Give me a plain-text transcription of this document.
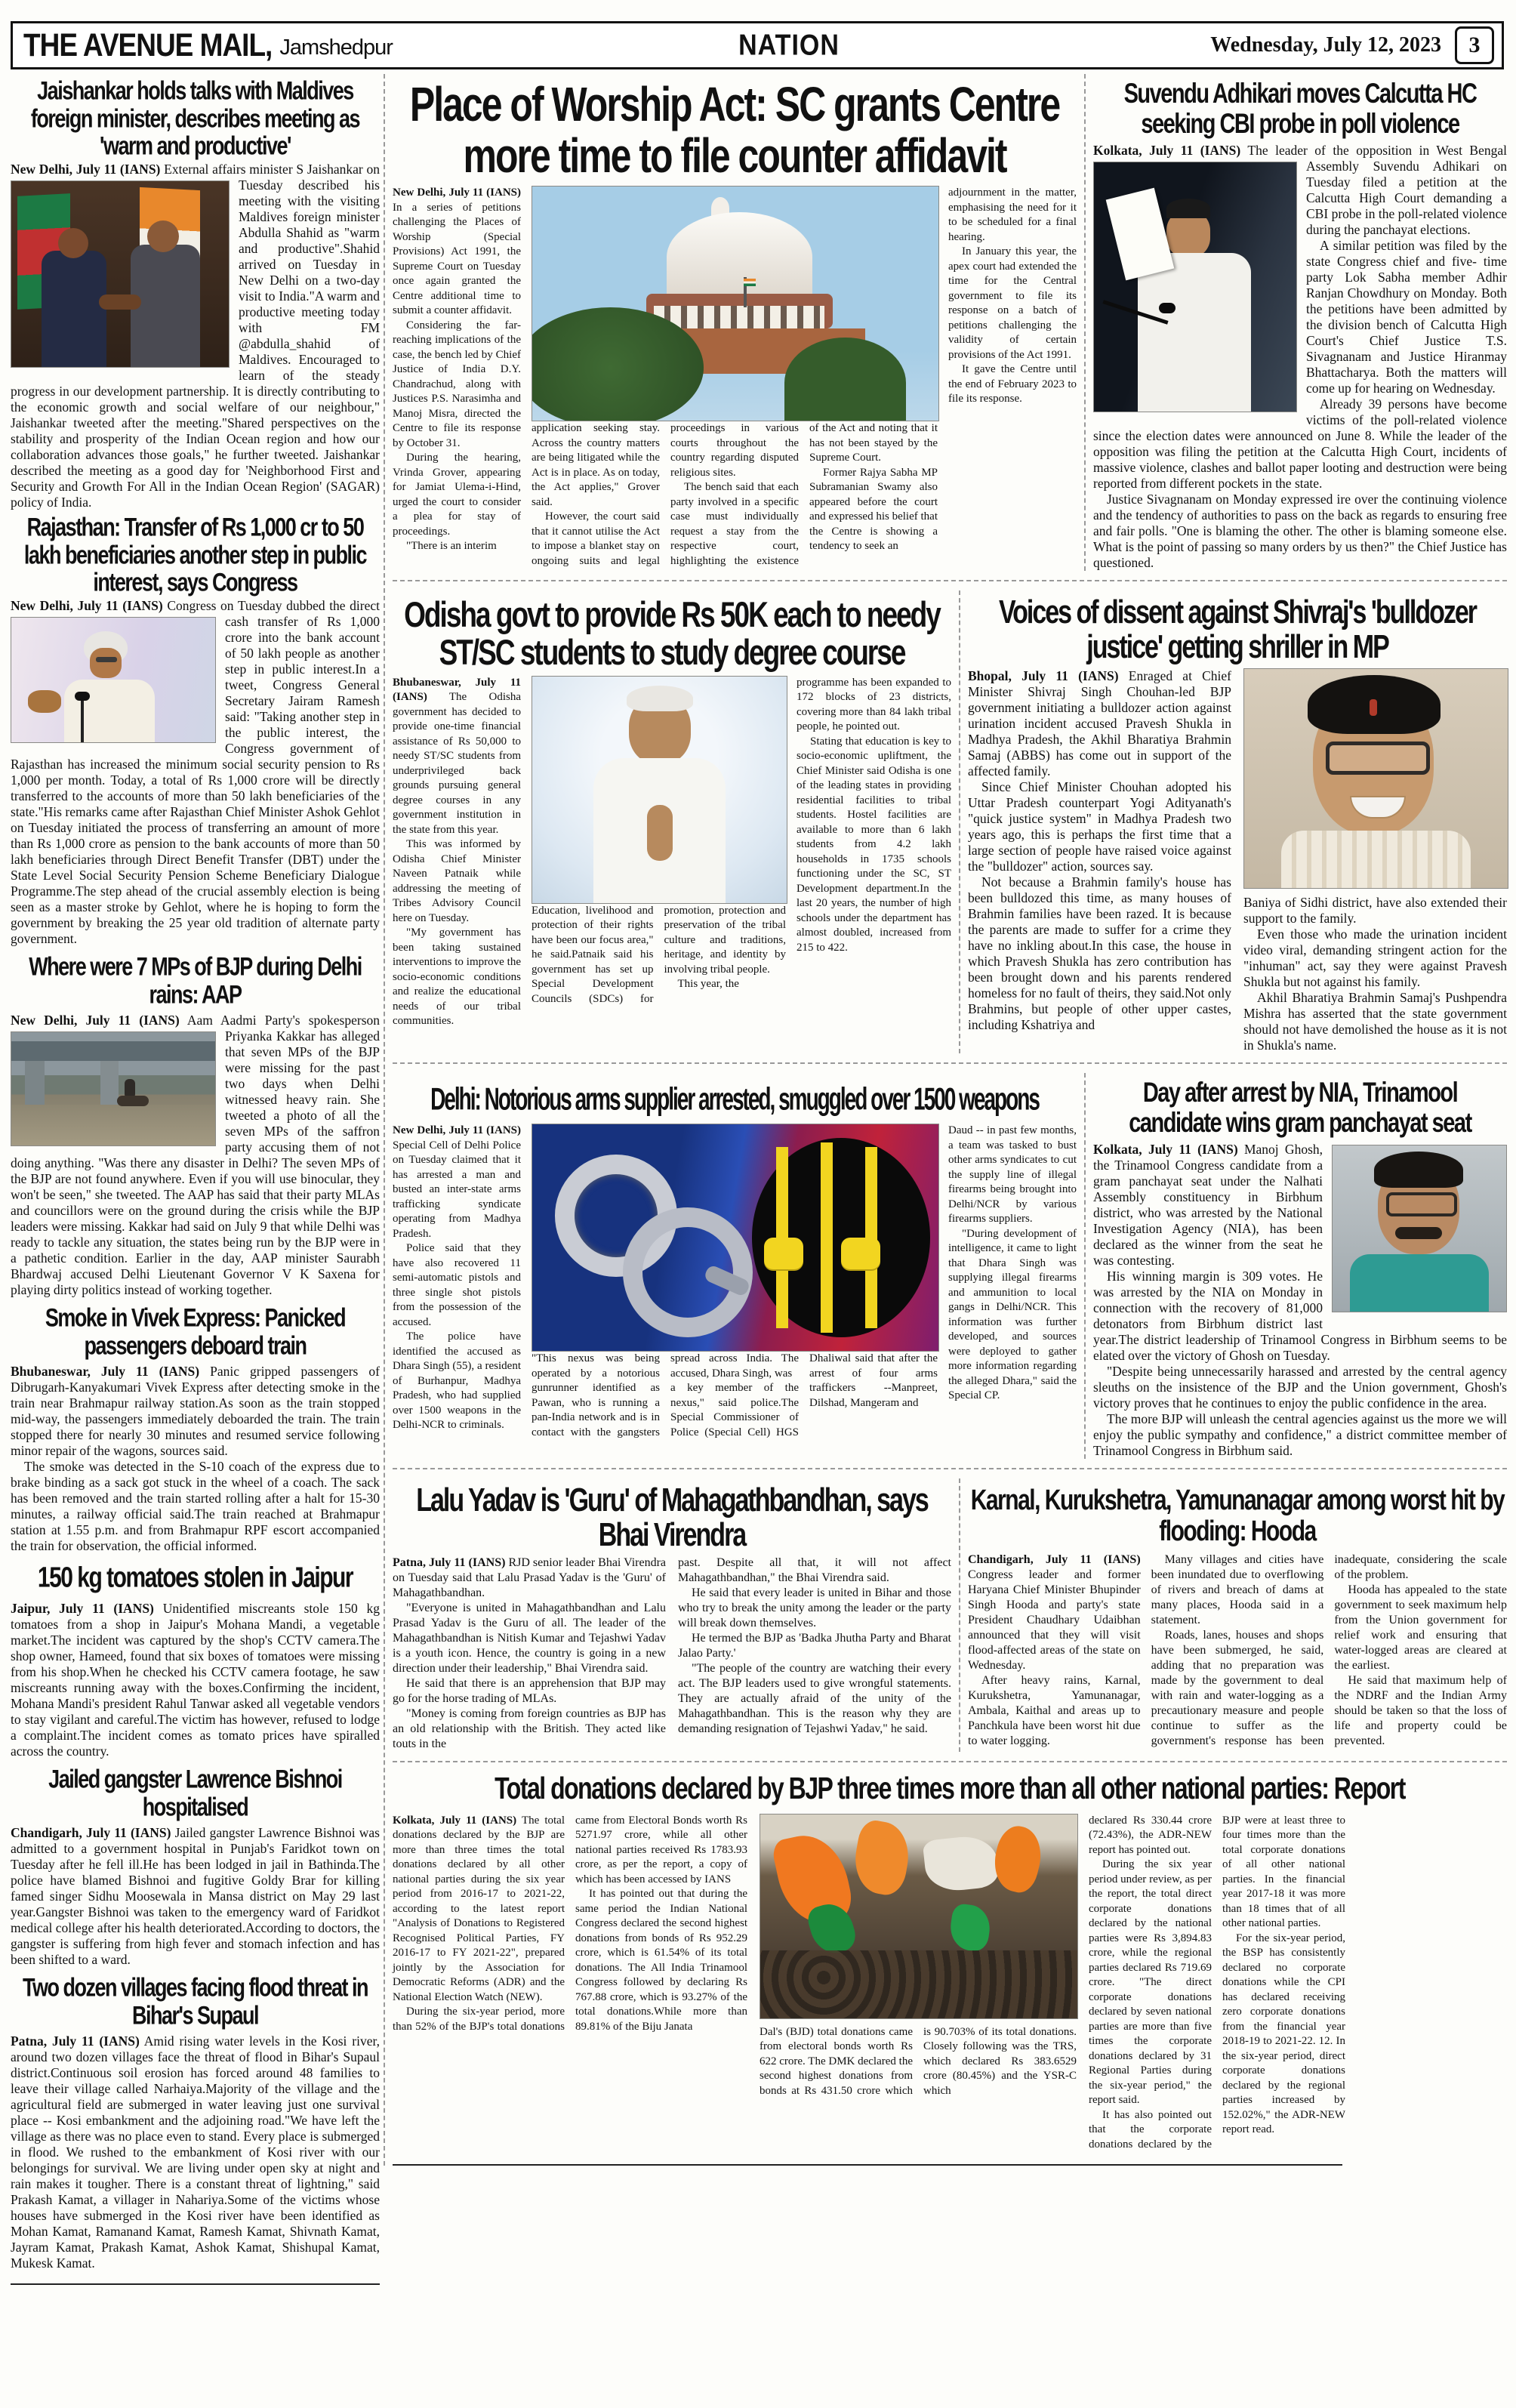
THE AVENUE MAIL, Jamshedpur	NATION	Wednesday, July 12, 2023	3
Jaishankar holds talks with Maldives foreign minister, describes meeting as 'warm and productive'

New Delhi, July 11 (IANS) External affairs minister S Jaishankar on Tuesday described his meeting with the visiting Maldives foreign minister Abdulla Shahid as "warm and productive".Shahid arrived on Tuesday in New Delhi on a two-day visit to India."A warm and productive meeting today with FM @abdulla_shahid of Maldives. Encouraged to learn of the steady progress in our development partnership. It is directly contributing to the economic growth and social welfare of our neighbour," Jaishankar tweeted after the meeting."Shared perspectives on the stability and prosperity of the Indian Ocean region and how our collaboration advances those goals," he further tweeted. Jaishankar described the meeting as a good day for 'Neighborhood First and Security and Growth For All in the Indian Ocean Region' (SAGAR) policy of India.

Rajasthan: Transfer of Rs 1,000 cr to 50 lakh beneficiaries another step in public interest, says Congress

New Delhi, July 11 (IANS) Congress on Tuesday dubbed the direct cash transfer of Rs 1,000 crore into the bank account of 50 lakh people as another step in public interest.In a tweet, Congress General Secretary Jairam Ramesh said: "Taking another step in the public interest, the Congress government of Rajasthan has increased the minimum social security pension to Rs 1,000 per month. Today, a total of Rs 1,000 crore will be directly transferred to the accounts of more than 50 lakh beneficiaries of the state."His remarks came after Rajasthan Chief Minister Ashok Gehlot on Tuesday initiated the process of transferring an amount of more than Rs 1,000 crore as pension to the bank accounts of more than 50 lakh beneficiaries through Direct Benefit Transfer (DBT) under the State Level Social Security Pension Scheme Beneficiary Dialogue Programme.The step ahead of the crucial assembly election is being seen as a master stroke by Gehlot, where he is hoping to form the government by breaking the 25 year old tradition of alternate party government.

Where were 7 MPs of BJP during Delhi rains: AAP

New Delhi, July 11 (IANS) Aam Aadmi Party's spokesperson Priyanka Kakkar has alleged that seven MPs of the BJP were missing for the past two days when Delhi witnessed heavy rain. She tweeted a photo of all the seven MPs of the saffron party accusing them of not doing anything. "Was there any disaster in Delhi? The seven MPs of the BJP are not found anywhere. Even if you will use binocular, they won't be seen," she tweeted. The AAP has said that their party MLAs and councillors were on the ground during the crisis while the BJP leaders were missing. Kakkar had said on July 9 that while Delhi was ready to tackle any situation, the states being run by the BJP were in a pathetic condition. Earlier in the day, AAP minister Saurabh Bhardwaj accused Delhi Lieutenant Governor V K Saxena for playing dirty politics instead of working together.

Smoke in Vivek Express: Panicked passengers deboard train

Bhubaneswar, July 11 (IANS) Panic gripped passengers of Dibrugarh-Kanyakumari Vivek Express after detecting smoke in the train near Brahmapur railway station.As soon as the train stopped mid-way, the passengers immediately deboarded the train. The train stopped there for nearly 30 minutes and resumed service following minor repair of the wagons, sources said.

The smoke was detected in the S-10 coach of the express due to brake binding as a sack got stuck in the wheel of a coach. The sack has been removed and the train started rolling after a halt for 15-30 minutes, a railway official said.The train reached at Brahmapur station at 1.55 p.m. and from Brahmapur RPF escort accompanied the train for observation, the official informed.

150 kg tomatoes stolen in Jaipur

Jaipur, July 11 (IANS) Unidentified miscreants stole 150 kg tomatoes from a shop in Jaipur's Mohana Mandi, a vegetable market.The incident was captured by the shop's CCTV camera.The shop owner, Hameed, found that six boxes of tomatoes were missing from his shop.When he checked his CCTV camera footage, he saw miscreants running away with the boxes.Confirming the incident, Mohana Mandi's president Rahul Tanwar asked all vegetable vendors to stay vigilant and careful.The victim has however, refused to lodge a complaint.The incident comes as tomato prices have spiralled across the country.

Jailed gangster Lawrence Bishnoi hospitalised

Chandigarh, July 11 (IANS) Jailed gangster Lawrence Bishnoi was admitted to a government hospital in Punjab's Faridkot town on Tuesday after he fell ill.He has been lodged in jail in Bathinda.The police have blamed Bishnoi and fugitive Goldy Brar for killing famed singer Sidhu Moosewala in Mansa district on May 29 last year.Gangster Bishnoi was taken to the emergency ward of Faridkot medical college after his health deteriorated.According to doctors, the gangster is suffering from high fever and stomach infection and has been shifted to a ward.

Two dozen villages facing flood threat in Bihar's Supaul

Patna, July 11 (IANS) Amid rising water levels in the Kosi river, around two dozen villages face the threat of flood in Bihar's Supaul district.Continuous soil erosion has forced around 48 families to leave their village called Narhaiya.Majority of the village and the agricultural field are submerged in water leaving just one survival place -- Kosi embankment and the adjoining road."We have left the village as there was no place even to stand. Every place is submerged in flood. We rushed to the embankment of Kosi river with our belongings for survival. We are living under open sky at night and rain makes it tougher. There is a constant threat of lightning," said Prakash Kamat, a villager in Nahariya.Some of the victims whose houses have submerged in the Kosi river have been identified as Mohan Kamat, Ramanand Kamat, Ramesh Kamat, Shivnath Kamat, Jayram Kamat, Prakash Kamat, Ashok Kamat, Shishupal Kamat, Mukesk Kamat.

Place of Worship Act: SC grants Centre more time to file counter affidavit

New Delhi, July 11 (IANS) In a series of petitions challenging the Places of Worship (Special Provisions) Act 1991, the Supreme Court on Tuesday once again granted the Centre additional time to submit a counter affidavit.

Considering the far-reaching implications of the case, the bench led by Chief Justice of India D.Y. Chandrachud, along with Justices P.S. Narasimha and Manoj Misra, directed the Centre to file its response by October 31.

During the hearing, Vrinda Grover, appearing for Jamiat Ulema-i-Hind, urged the court to consider a plea for stay of proceedings.

"There is an interim

application seeking stay. Across the country matters are being litigated while the Act is in place. As on today, the Act applies," Grover said.

However, the court said that it cannot utilise the Act to impose a blanket stay on ongoing suits and legal proceedings in various courts throughout the country regarding disputed religious sites.

The bench said that each party involved in a specific case must individually request a stay from the respective court, highlighting the existence of the Act and noting that it has not been stayed by the Supreme Court.

Former Rajya Sabha MP Subramanian Swamy also appeared before the court and expressed his belief that the Centre is showing a tendency to seek an

adjournment in the matter, emphasising the need for it to be scheduled for a final hearing.

In January this year, the apex court had extended the time for the Central government to file its response on a batch of petitions challenging the validity of certain provisions of the Act 1991.

It gave the Centre until the end of February 2023 to file its response.

Suvendu Adhikari moves Calcutta HC seeking CBI probe in poll violence

Kolkata, July 11 (IANS) The leader of the opposition in West Bengal Assembly Suvendu Adhikari on Tuesday filed a petition at the Calcutta High Court demanding a CBI probe in the poll-related violence during the panchayat elections.

A similar petition was filed by the state Congress chief and five- time party Lok Sabha member Adhir Ranjan Chowdhury on Monday. Both the petitions have been admitted by the division bench of Calcutta High Court's Chief Justice T.S. Sivagnanam and Justice Hiranmay Bhattacharya. Both the matters will come up for hearing on Wednesday.

Already 39 persons have become victims of the poll-related violence since the election dates were announced on June 8. While the leader of the opposition was filing the petition at the Calcutta High Court, incidents of massive violence, clashes and ballot paper looting and destruction were being reported from different pockets in the state.

Justice Sivagnanam on Monday expressed ire over the continuing violence and the tendency of authorities to pass on the back as regards to ensuring free and fair polls. "One is blaming the other. The other is blaming someone else. What is the point of passing so many orders by us then?" the Chief Justice has questioned.

Odisha govt to provide Rs 50K each to needy ST/SC students to study degree course

Bhubaneswar, July 11 (IANS) The Odisha government has decided to provide one-time financial assistance of Rs 50,000 to needy ST/SC students from underprivileged back grounds pursuing general degree courses in any government institution in the state from this year.

This was informed by Odisha Chief Minister Naveen Patnaik while addressing the meeting of Tribes Advisory Council here on Tuesday.

"My government has been taking sustained interventions to improve the socio-economic conditions and realize the educational needs of our tribal communities.

Education, livelihood and protection of their rights have been our focus area," he said.Patnaik said his government has set up Special Development Councils (SDCs) for promotion, protection and preservation of the tribal culture and traditions, heritage, and identity by involving tribal people.

This year, the

programme has been expanded to 172 blocks of 23 districts, covering more than 84 lakh tribal people, he pointed out.

Stating that education is key to socio-economic upliftment, the Chief Minister said Odisha is one of the leading states in providing residential facilities to tribal students. Hostel facilities are available to more than 6 lakh students from 4.2 lakh households in 1735 schools functioning under the SC, ST Development department.In the last 20 years, the number of high schools under the department has almost doubled, increased from 215 to 422.

Voices of dissent against Shivraj's 'bulldozer justice' getting shriller in MP

Bhopal, July 11 (IANS) Enraged at Chief Minister Shivraj Singh Chouhan-led BJP government initiating a bulldozer action against urination incident accused Pravesh Shukla in Madhya Pradesh, the Akhil Bharatiya Brahmin Samaj (ABBS) has come out in support of the affected family.

Since Chief Minister Chouhan adopted his Uttar Pradesh counterpart Yogi Adityanath's "quick justice system" in Madhya Pradesh two years ago, this is perhaps the first time that a large section of people have raised voice against the "bulldozer" action, sources say.

Not because a Brahmin family's house has been bulldozed this time, as many houses of Brahmin families have been razed. It is because the parents are made to suffer for a crime they have no inkling about.In this case, the house in which Pravesh Shukla has zero contribution has been brought down and his parents rendered homeless for no fault of theirs, they said.Not only Brahmins, but people of other upper castes, including Kshatriya and

Baniya of Sidhi district, have also extended their support to the family.

Even those who made the urination incident video viral, demanding stringent action for the "inhuman" act, say they were against Pravesh Shukla but not against his family.

Akhil Bharatiya Brahmin Samaj's Pushpendra Mishra has asserted that the state government should not have demolished the house as it is not in Shukla's name.

Delhi: Notorious arms supplier arrested, smuggled over 1500 weapons

New Delhi, July 11 (IANS) Special Cell of Delhi Police on Tuesday claimed that it has arrested a man and busted an inter-state arms trafficking syndicate operating from Madhya Pradesh.

Police said that they have also recovered 11 semi-automatic pistols and three single shot pistols from the possession of the accused.

The police have identified the accused as Dhara Singh (55), a resident of Burhanpur, Madhya Pradesh, who had supplied over 1500 weapons in the Delhi-NCR to criminals.

"This nexus was being operated by a notorious gunrunner identified as Pawan, who is running a pan-India network and is in contact with the gangsters spread across India. The accused, Dhara Singh, was

a key member of the nexus," said police.The Special Commissioner of Police (Special Cell) HGS Dhaliwal said that after the arrest of four arms traffickers --Manpreet, Dilshad, Mangeram and

Daud -- in past few months, a team was tasked to bust other arms syndicates to cut the supply line of illegal firearms being brought into Delhi/NCR by various firearms suppliers.

"During development of intelligence, it came to light that Dhara Singh was supplying illegal firearms and ammunition to local gangs in Delhi/NCR. This information was further developed, and sources were deployed to gather more information regarding the alleged Dhara," said the Special CP.

Day after arrest by NIA, Trinamool candidate wins gram panchayat seat

Kolkata, July 11 (IANS) Manoj Ghosh, the Trinamool Congress candidate from a gram panchayat seat under the Nalhati Assembly constituency in Birbhum district, who was arrested by the National Investigation Agency (NIA), has been declared as the winner from the seat he was contesting.

His winning margin is 309 votes. He was arrested by the NIA on Monday in connection with the recovery of 81,000 detonators from Birbhum district last year.The district leadership of Trinamool Congress in Birbhum seems to be elated over the victory of Ghosh on Tuesday.

"Despite being unnecessarily harassed and arrested by the central agency sleuths on the insistence of the BJP and the Union government, Ghosh's victory proves that he continues to enjoy the public confidence in the area.

The more BJP will unleash the central agencies against us the more we will enjoy the public sympathy and confidence," a district committee member of Trinamool Congress in Birbhum said.

Lalu Yadav is 'Guru' of Mahagathbandhan, says Bhai Virendra

Patna, July 11 (IANS) RJD senior leader Bhai Virendra on Tuesday said that Lalu Prasad Yadav is the 'Guru' of Mahagathbandhan.

"Everyone is united in Mahagathbandhan and Lalu Prasad Yadav is the Guru of all. The leader of the Mahagathbandhan is Nitish Kumar and Tejashwi Yadav is a youth icon. Hence, the country is going in a new direction under their leadership," Bhai Virendra said.

He said that there is an apprehension that BJP may go for the horse trading of MLAs.

"Money is coming from foreign countries as BJP has an old relationship with the British. They acted like touts in the

past. Despite all that, it will not affect Mahagathbandhan," the Bhai Virendra said.

He said that every leader is united in Bihar and those who try to break the unity among the leader or the party will break down themselves.

He termed the BJP as 'Badka Jhutha Party and Bharat Jalao Party.'

"The people of the country are watching their every act. The BJP leaders used to give wrongful statements. They are actually afraid of the unity of the Mahagathbandhan. This is the reason why they are demanding resignation of Tejashwi Yadav," he said.

Karnal, Kurukshetra, Yamunanagar among worst hit by flooding: Hooda

Chandigarh, July 11 (IANS) Congress leader and former Haryana Chief Minister Bhupinder Singh Hooda and party's state President Chaudhary Udaibhan announced that they will visit flood-affected areas of the state on Wednesday.

After heavy rains, Karnal, Kurukshetra, Yamunanagar, Ambala, Kaithal and areas up to Panchkula have been worst hit due to water logging.

Many villages and cities have been inundated due to overflowing of rivers and breach of dams at many places, Hooda said in a statement.

Roads, lanes, houses and shops have been submerged, he said, adding that no preparation was made by the government to deal with rain and water-logging as a precautionary measure and people continue to suffer as the government's response has been inadequate, considering the scale of the problem.

Hooda has appealed to the state government to seek maximum help from the Union government for relief work and ensuring that water-logged areas are cleared at the earliest.

He said that maximum help of the NDRF and the Indian Army should be taken so that the loss of life and property could be prevented.

Total donations declared by BJP three times more than all other national parties: Report

Kolkata, July 11 (IANS) The total donations declared by the BJP are more than three times the total donations declared by all other national parties during the six year period from 2016-17 to 2021-22, according to the latest report "Analysis of Donations to Registered Recognised Political Parties, FY 2016-17 to FY 2021-22", prepared jointly by the Association for Democratic Reforms (ADR) and the National Election Watch (NEW).

During the six-year period, more than 52% of the BJP's total donations came from Electoral Bonds worth Rs 5271.97 crore, while all other national parties received Rs 1783.93 crore, as per the report, a copy of which has been accessed by IANS

It has pointed out that during the same period the Indian National Congress declared the second highest donations from bonds of Rs 952.29 crore, which is 61.54% of its total donations. The All India Trinamool Congress followed by declaring Rs 767.88 crore, which is 93.27% of the total donations.While more than 89.81% of the Biju Janata	Dal's (BJD) total donations came from electoral bonds worth Rs 622 crore. The DMK declared the second highest donations from bonds at Rs 431.50 crore which is 90.703% of its total donations. Closely following was the TRS, which declared Rs 383.6529 crore (80.45%) and the YSR-C which

declared Rs 330.44 crore (72.43%), the ADR-NEW report has pointed out.

During the six year period under review, as per the report, the total direct corporate donations declared by the national parties were Rs 3,894.83 crore, while the regional parties declared Rs 719.69 crore. "The direct corporate donations declared by seven national parties are more than five times the corporate donations declared by 31 Regional Parties during the six-year period," the report said.

It has also pointed out that the corporate donations declared by the BJP were at least three to four times more than the total corporate donations of all other national parties. In the financial year 2017-18 it was more than 18 times that of all other national parties.

For the six-year period, the BSP has consistently declared no corporate donations while the CPI has declared receiving zero corporate donations from the financial year 2018-19 to 2021-22. 12. In the six-year period, direct corporate donations declared by the regional parties increased by 152.02%," the ADR-NEW report read.
